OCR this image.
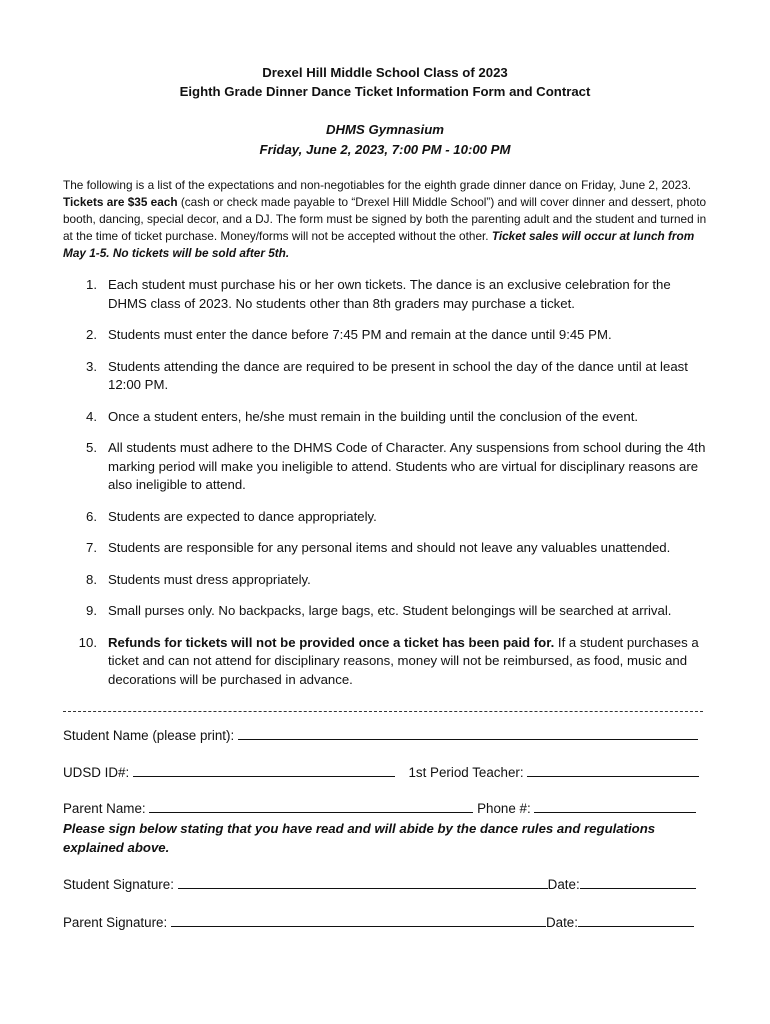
Drexel Hill Middle School Class of 2023
Eighth Grade Dinner Dance Ticket Information Form and Contract
DHMS Gymnasium
Friday, June 2, 2023, 7:00 PM - 10:00 PM
The following is a list of the expectations and non-negotiables for the eighth grade dinner dance on Friday, June 2, 2023. Tickets are $35 each (cash or check made payable to “Drexel Hill Middle School”) and will cover dinner and dessert, photo booth, dancing, special decor, and a DJ. The form must be signed by both the parenting adult and the student and turned in at the time of ticket purchase. Money/forms will not be accepted without the other. Ticket sales will occur at lunch from May 1-5. No tickets will be sold after 5th.
1. Each student must purchase his or her own tickets. The dance is an exclusive celebration for the DHMS class of 2023. No students other than 8th graders may purchase a ticket.
2. Students must enter the dance before 7:45 PM and remain at the dance until 9:45 PM.
3. Students attending the dance are required to be present in school the day of the dance until at least 12:00 PM.
4. Once a student enters, he/she must remain in the building until the conclusion of the event.
5. All students must adhere to the DHMS Code of Character. Any suspensions from school during the 4th marking period will make you ineligible to attend. Students who are virtual for disciplinary reasons are also ineligible to attend.
6. Students are expected to dance appropriately.
7. Students are responsible for any personal items and should not leave any valuables unattended.
8. Students must dress appropriately.
9. Small purses only. No backpacks, large bags, etc. Student belongings will be searched at arrival.
10. Refunds for tickets will not be provided once a ticket has been paid for. If a student purchases a ticket and can not attend for disciplinary reasons, money will not be reimbursed, as food, music and decorations will be purchased in advance.
Student Name (please print):
UDSD ID#:	1st Period Teacher:
Parent Name:	Phone #:
Please sign below stating that you have read and will abide by the dance rules and regulations explained above.
Student Signature:	Date:
Parent Signature:	Date:
